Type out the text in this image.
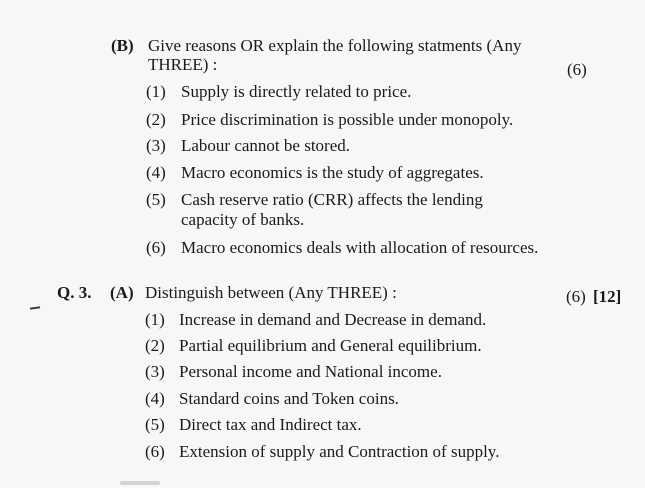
(B) Give reasons OR explain the following statments (Any
THREE) :	(6)
(1) Supply is directly related to price.
(2) Price discrimination is possible under monopoly.
(3) Labour cannot be stored.
(4) Macro economics is the study of aggregates.
(5) Cash reserve ratio (CRR) affects the lending
capacity of banks.
(6) Macro economics deals with allocation of resources.
Q. 3. (A) Distinguish between (Any THREE) :	(6) [12]
(1) Increase in demand and Decrease in demand.
(2) Partial equilibrium and General equilibrium.
(3) Personal income and National income.
(4) Standard coins and Token coins.
(5) Direct tax and Indirect tax.
(6) Extension of supply and Contraction of supply.
